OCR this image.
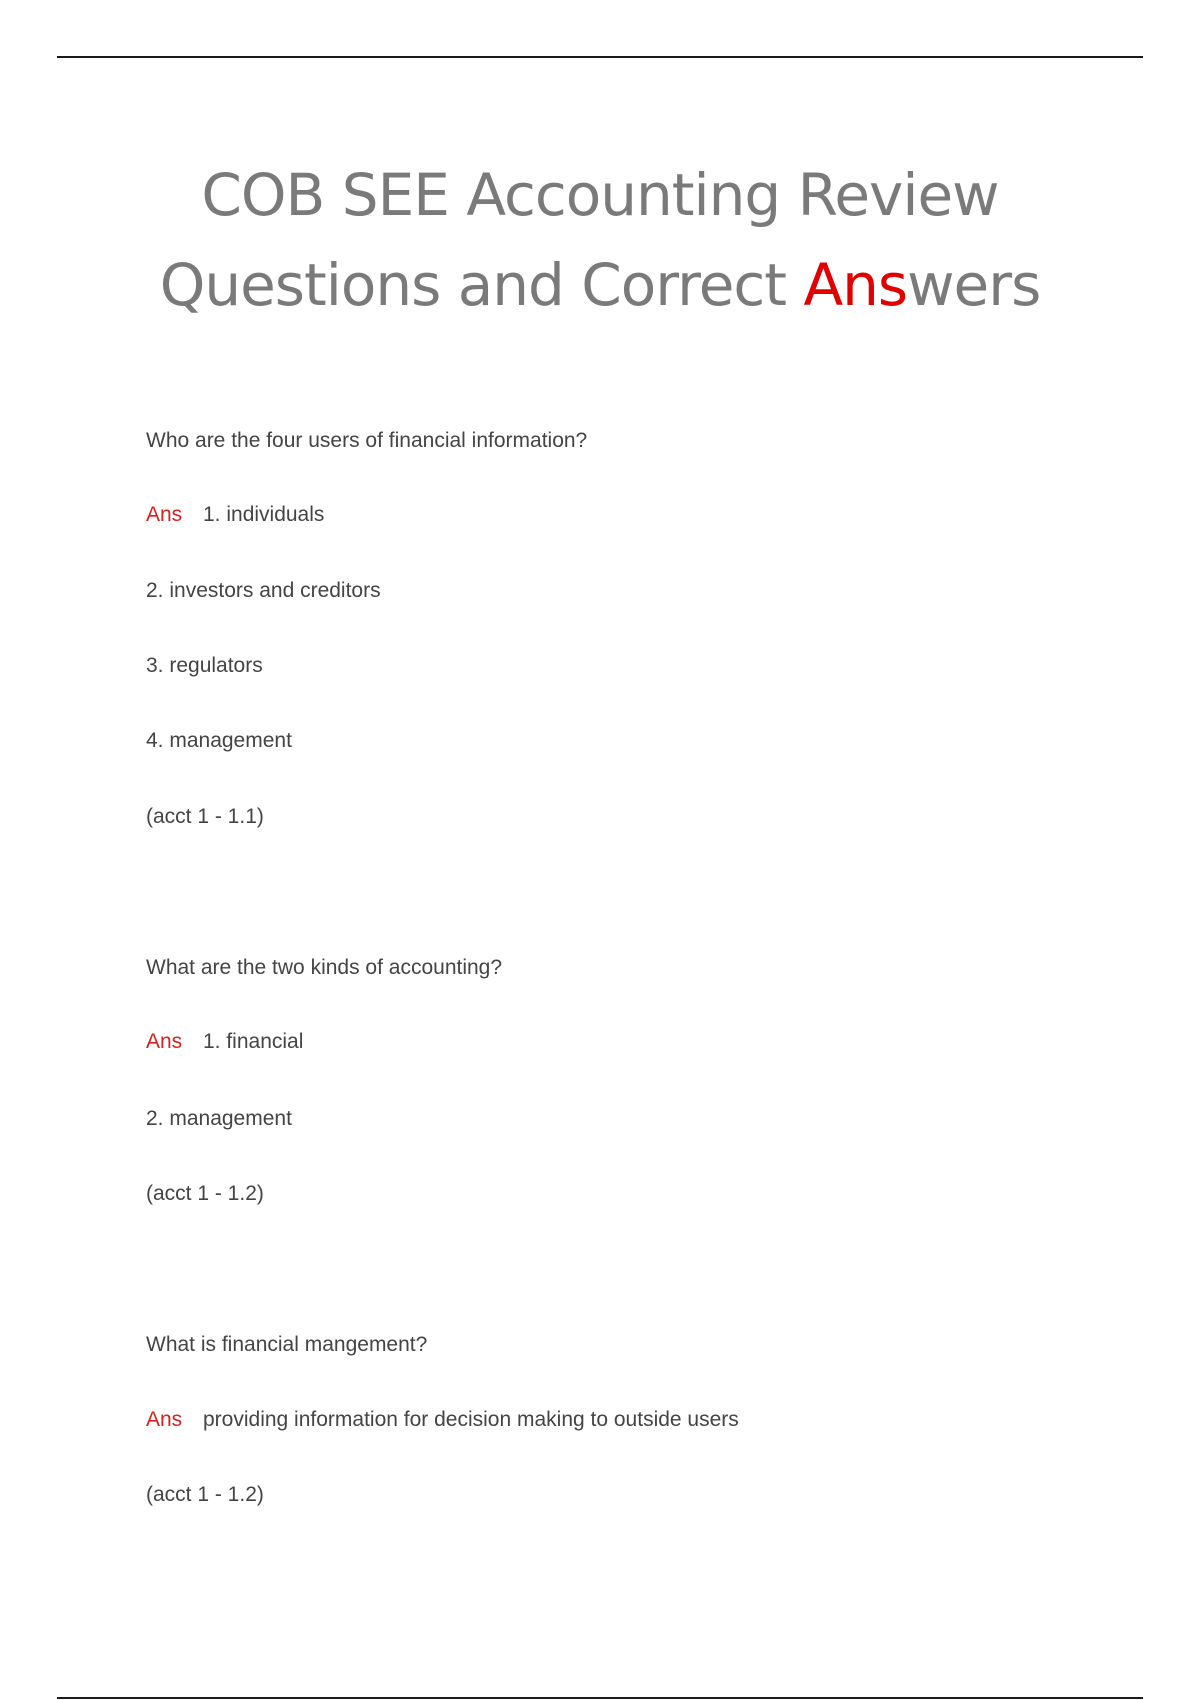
COB SEE Accounting Review
Questions and Correct Answers
Who are the four users of financial information?
Ans 1. individuals
2. investors and creditors
3. regulators
4. management
(acct 1 - 1.1)
What are the two kinds of accounting?
Ans 1. financial
2. management
(acct 1 - 1.2)
What is financial mangement?
Ans providing information for decision making to outside users
(acct 1 - 1.2)
